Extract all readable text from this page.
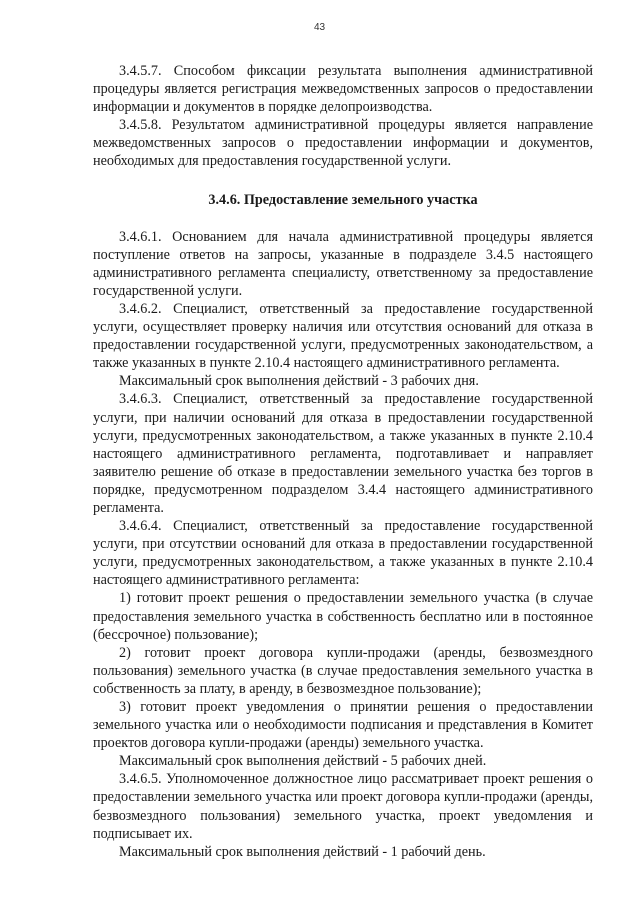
43

3.4.5.7. Способом фиксации результата выполнения административной процедуры является регистрация межведомственных запросов о предоставлении информации и документов в порядке делопроизводства.

3.4.5.8. Результатом административной процедуры является направление межведомственных запросов о предоставлении информации и документов, необходимых для предоставления государственной услуги.

3.4.6. Предоставление земельного участка

3.4.6.1. Основанием для начала административной процедуры является поступление ответов на запросы, указанные в подразделе 3.4.5 настоящего административного регламента специалисту, ответственному за предоставление государственной услуги.

3.4.6.2. Специалист, ответственный за предоставление государственной услуги, осуществляет проверку наличия или отсутствия оснований для отказа в предоставлении государственной услуги, предусмотренных законодательством, а также указанных в пункте 2.10.4 настоящего административного регламента.

Максимальный срок выполнения действий - 3 рабочих дня.

3.4.6.3. Специалист, ответственный за предоставление государственной услуги, при наличии оснований для отказа в предоставлении государственной услуги, предусмотренных законодательством, а также указанных в пункте 2.10.4 настоящего административного регламента, подготавливает и направляет заявителю решение об отказе в предоставлении земельного участка без торгов в порядке, предусмотренном подразделом 3.4.4 настоящего административного регламента.

3.4.6.4. Специалист, ответственный за предоставление государственной услуги, при отсутствии оснований для отказа в предоставлении государственной услуги, предусмотренных законодательством, а также указанных в пункте 2.10.4 настоящего административного регламента:

1) готовит проект решения о предоставлении земельного участка (в случае предоставления земельного участка в собственность бесплатно или в постоянное (бессрочное) пользование);

2) готовит проект договора купли-продажи (аренды, безвозмездного пользования) земельного участка (в случае предоставления земельного участка в собственность за плату, в аренду, в безвозмездное пользование);

3) готовит проект уведомления о принятии решения о предоставлении земельного участка или о необходимости подписания и представления в Комитет проектов договора купли-продажи (аренды) земельного участка.

Максимальный срок выполнения действий - 5 рабочих дней.

3.4.6.5. Уполномоченное должностное лицо рассматривает проект решения о предоставлении земельного участка или проект договора купли-продажи (аренды, безвозмездного пользования) земельного участка, проект уведомления и подписывает их.

Максимальный срок выполнения действий - 1 рабочий день.
